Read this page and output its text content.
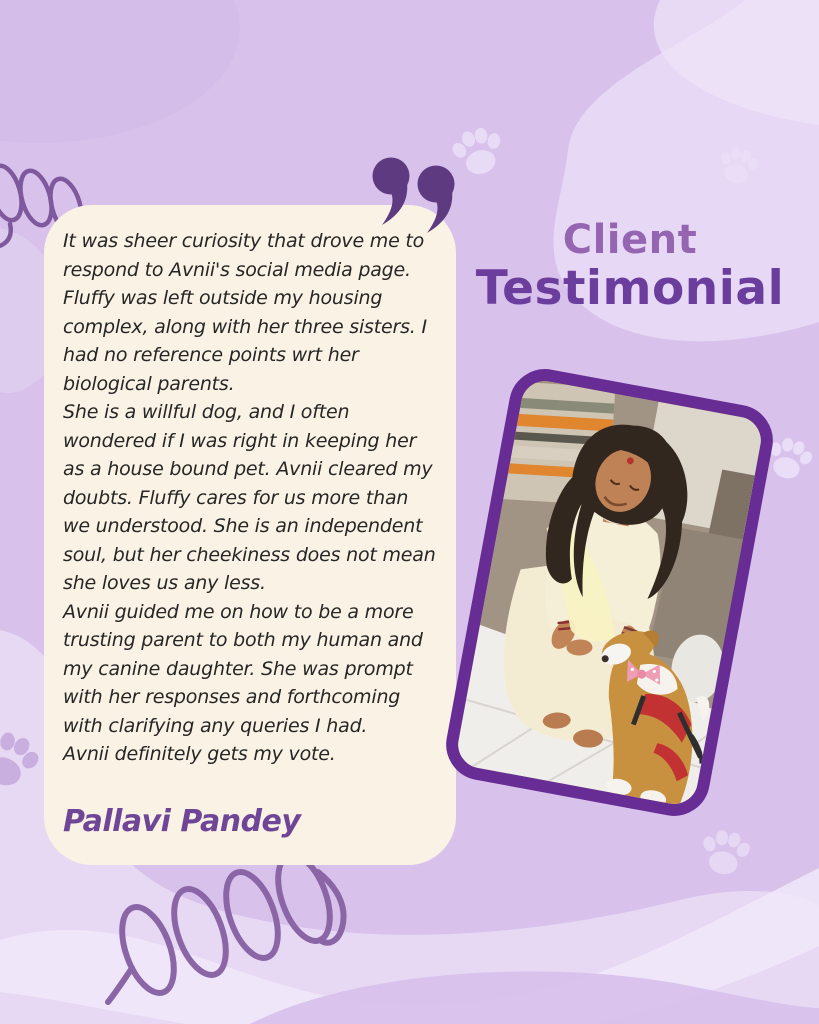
It was sheer curiosity that drove me to respond to Avnii's social media page.

Fluffy was left outside my housing complex, along with her three sisters. I had no reference points wrt her biological parents.

She is a willful dog, and I often wondered if I was right in keeping her as a house bound pet. Avnii cleared my doubts. Fluffy cares for us more than we understood. She is an independent soul, but her cheekiness does not mean she loves us any less.

Avnii guided me on how to be a more trusting parent to both my human and my canine daughter. She was prompt with her responses and forthcoming with clarifying any queries I had.

Avnii definitely gets my vote.

Pallavi Pandey
Client
Testimonial
